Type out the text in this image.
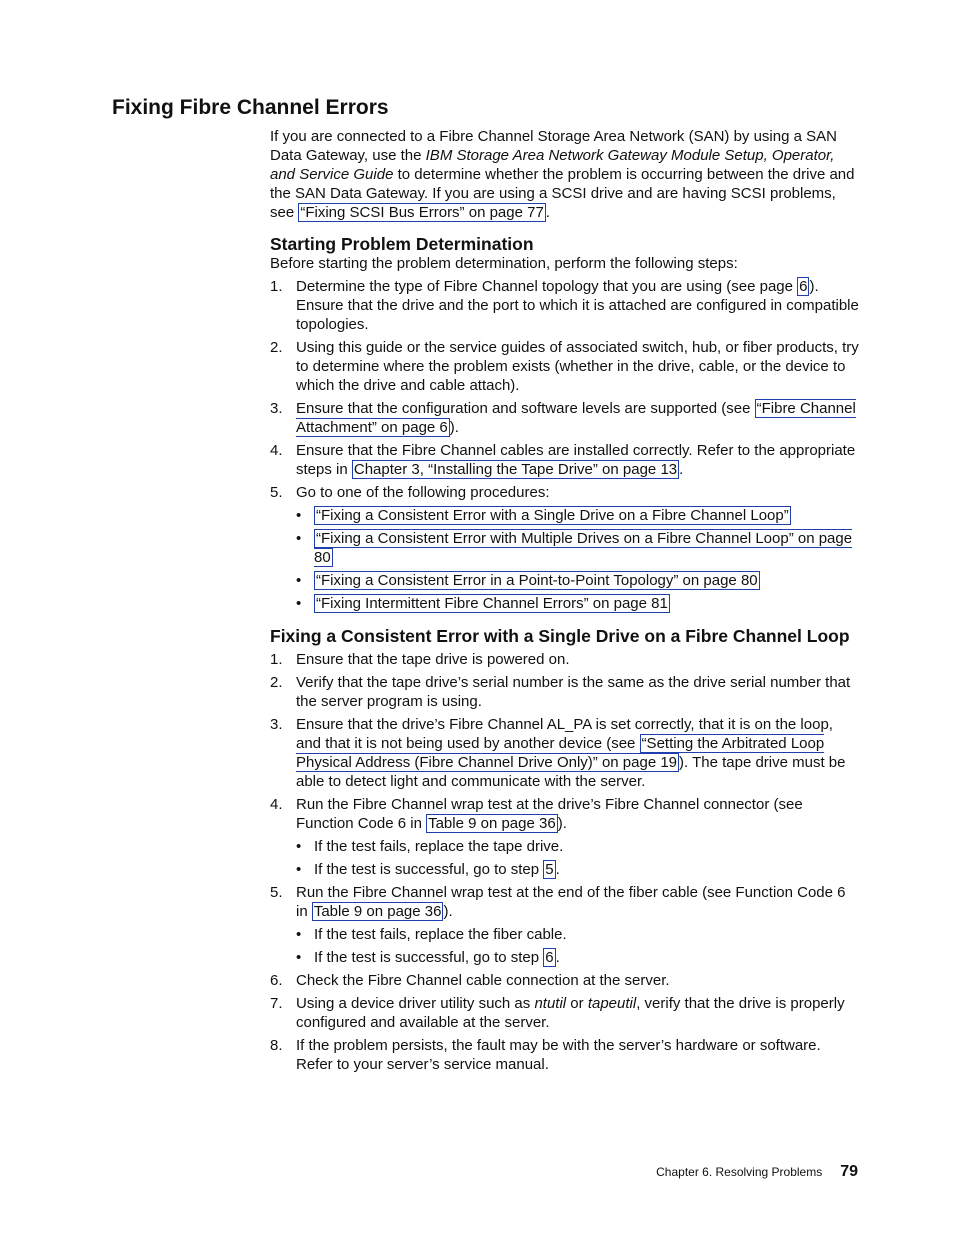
Fixing Fibre Channel Errors

If you are connected to a Fibre Channel Storage Area Network (SAN) by using a SAN Data Gateway, use the IBM Storage Area Network Gateway Module Setup, Operator, and Service Guide to determine whether the problem is occurring between the drive and the SAN Data Gateway. If you are using a SCSI drive and are having SCSI problems, see “Fixing SCSI Bus Errors” on page 77 .

Starting Problem Determination

Before starting the problem determination, perform the following steps:

1. Determine the type of Fibre Channel topology that you are using (see page 6 ). Ensure that the drive and the port to which it is attached are configured in compatible topologies.
2. Using this guide or the service guides of associated switch, hub, or fiber products, try to determine where the problem exists (whether in the drive, cable, or the device to which the drive and cable attach).
3. Ensure that the configuration and software levels are supported (see “Fibre Channel Attachment” on page 6 ).
4. Ensure that the Fibre Channel cables are installed correctly. Refer to the appropriate steps in Chapter 3, “Installing the Tape Drive” on page 13 .
5. Go to one of the following procedures:
• “Fixing a Consistent Error with a Single Drive on a Fibre Channel Loop”
• “Fixing a Consistent Error with Multiple Drives on a Fibre Channel Loop” on page 80
• “Fixing a Consistent Error in a Point-to-Point Topology” on page 80
• “Fixing Intermittent Fibre Channel Errors” on page 81
Fixing a Consistent Error with a Single Drive on a Fibre Channel Loop
1. Ensure that the tape drive is powered on.
2. Verify that the tape drive’s serial number is the same as the drive serial number that the server program is using.
3. Ensure that the drive’s Fibre Channel AL_PA is set correctly, that it is on the loop, and that it is not being used by another device (see “Setting the Arbitrated Loop Physical Address (Fibre Channel Drive Only)” on page 19 ). The tape drive must be able to detect light and communicate with the server.
4. Run the Fibre Channel wrap test at the drive’s Fibre Channel connector (see Function Code 6 in Table 9 on page 36 ).
• If the test fails, replace the tape drive.
• If the test is successful, go to step 5 .
5. Run the Fibre Channel wrap test at the end of the fiber cable (see Function Code 6 in Table 9 on page 36 ).
• If the test fails, replace the fiber cable.
• If the test is successful, go to step 6 .
6. Check the Fibre Channel cable connection at the server.
7. Using a device driver utility such as ntutil or tapeutil, verify that the drive is properly configured and available at the server.
8. If the problem persists, the fault may be with the server’s hardware or software. Refer to your server’s service manual.
Chapter 6. Resolving Problems 79
